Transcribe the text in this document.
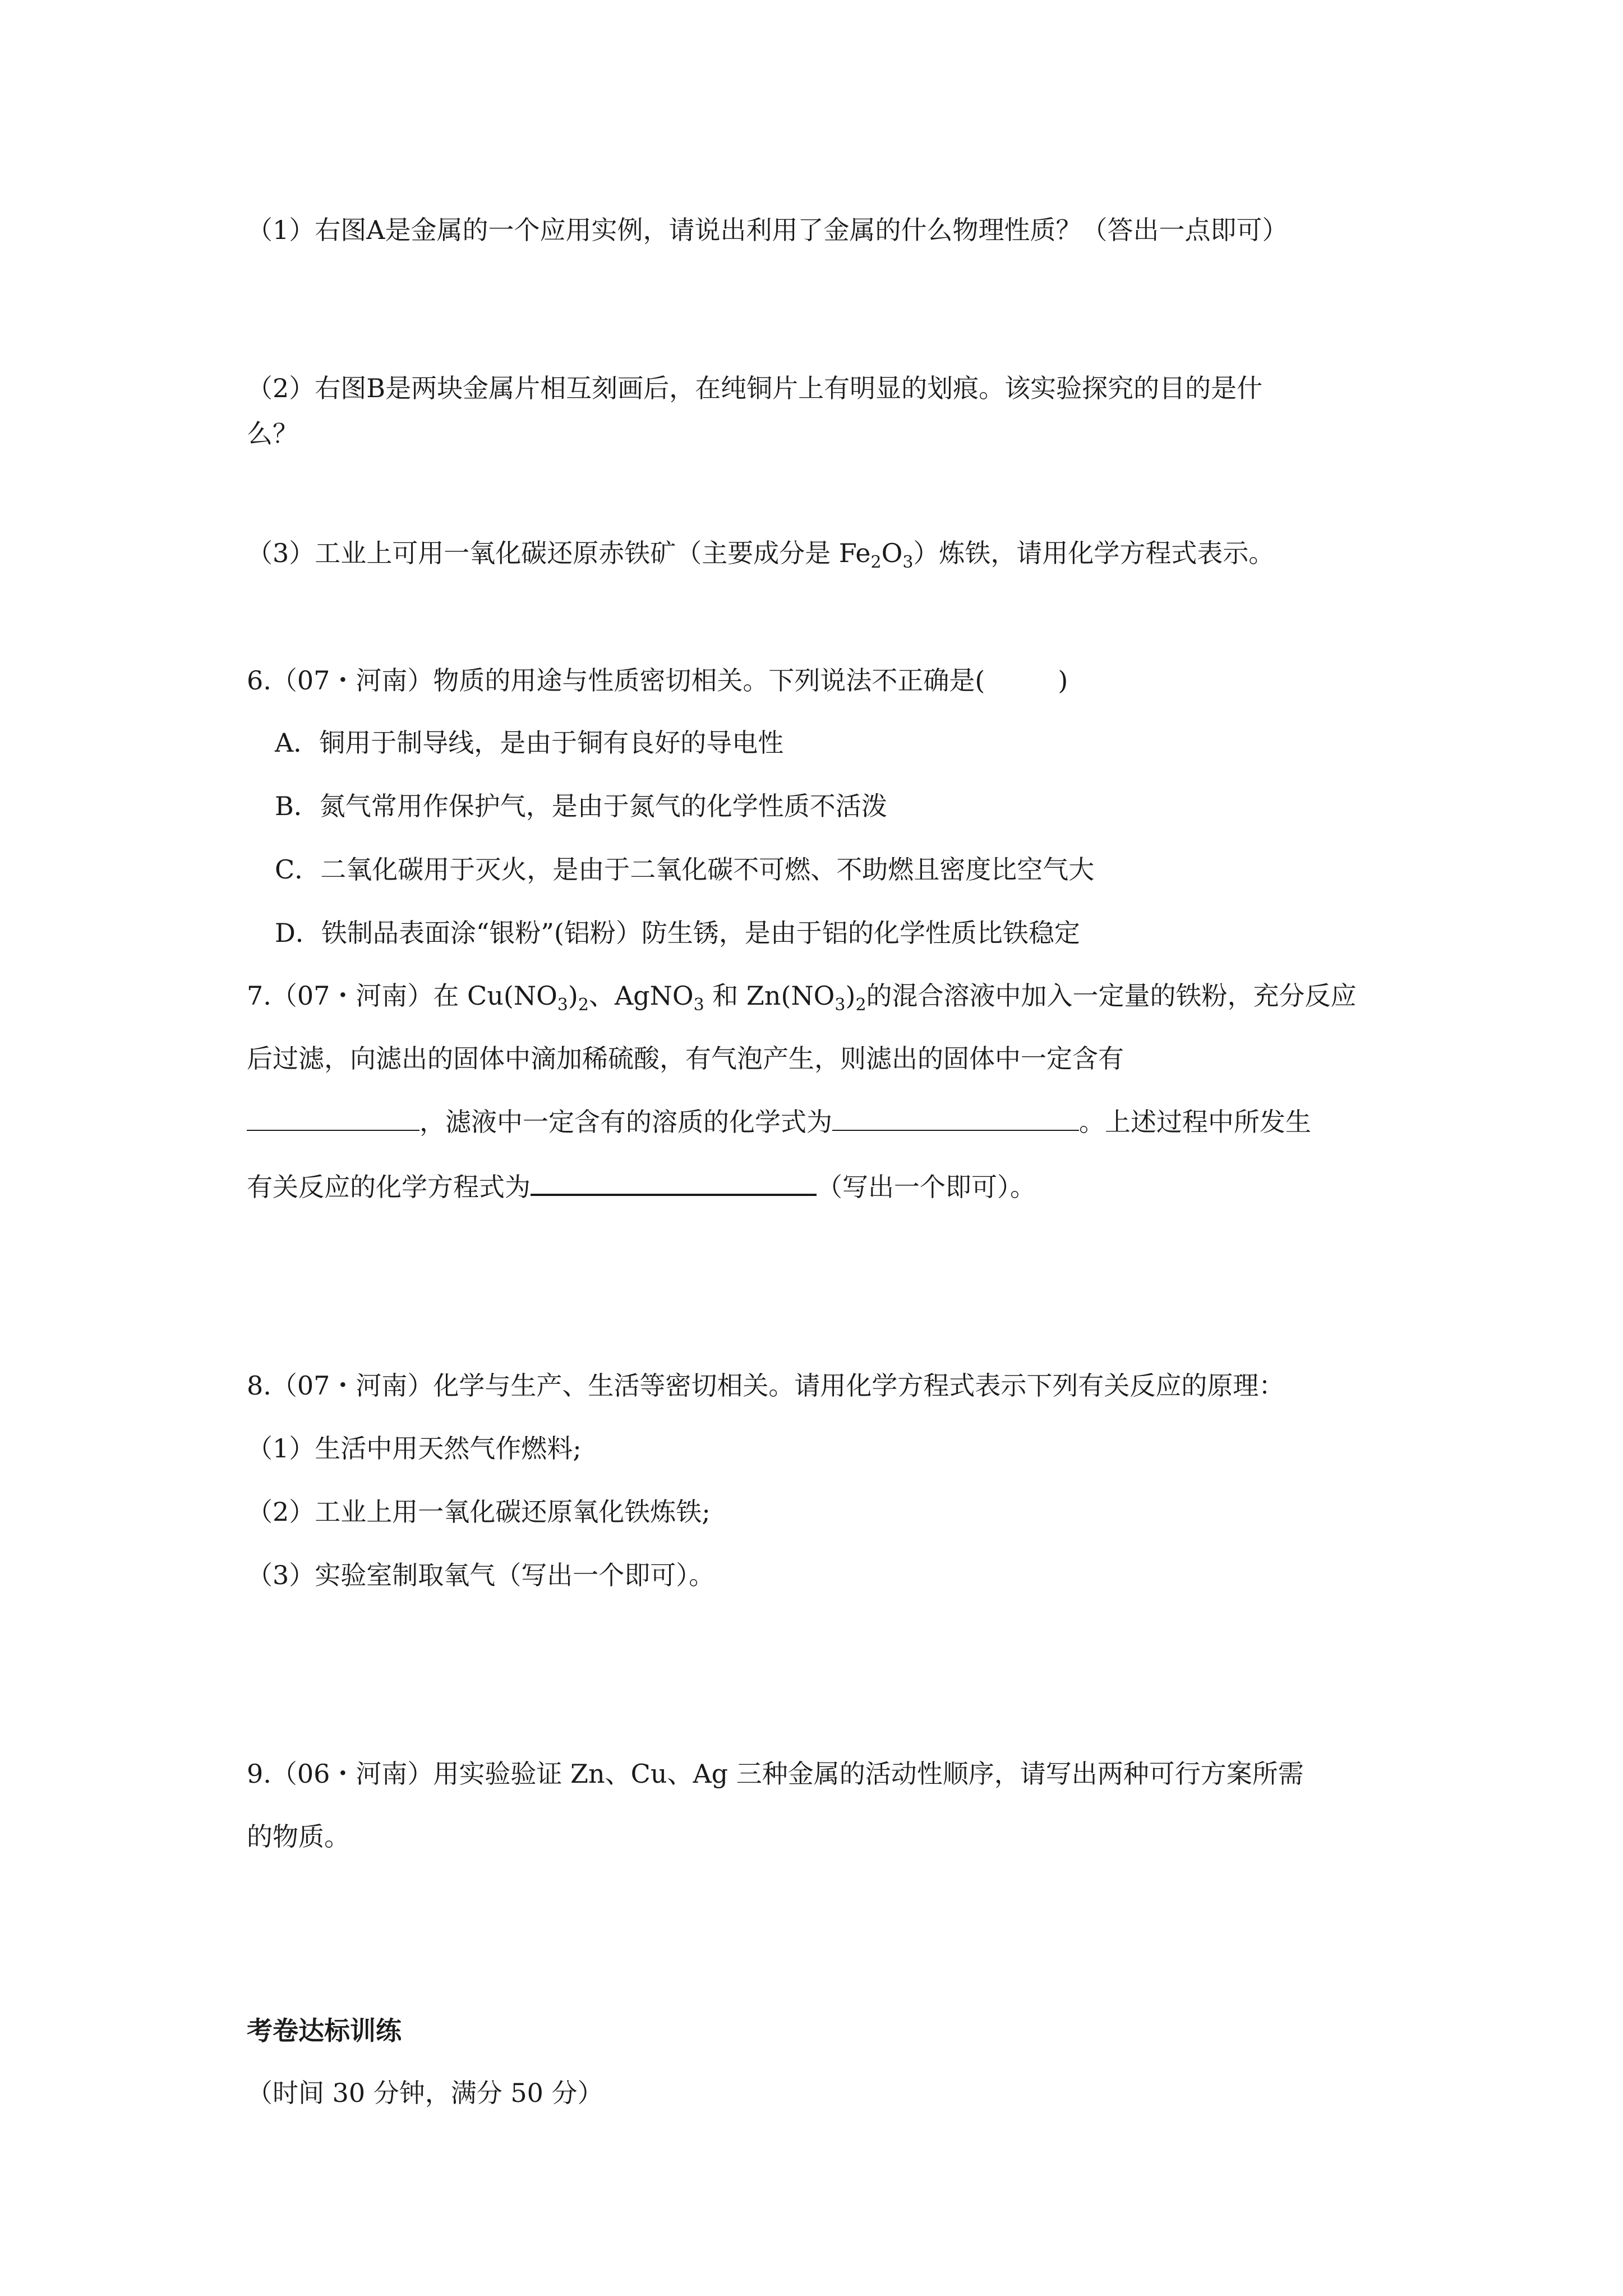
（1）右图A是金属的一个应用实例，请说出利用了金属的什么物理性质？（答出一点即可）
（2）右图B是两块金属片相互刻画后，在纯铜片上有明显的划痕。该实验探究的目的是什
么？
（3）工业上可用一氧化碳还原赤铁矿（主要成分是 $Fe_2O_3$）炼铁，请用化学方程式表示。
6.（07・河南）物质的用途与性质密切相关。下列说法不正确是(	)
A．铜用于制导线，是由于铜有良好的导电性
B．氮气常用作保护气，是由于氮气的化学性质不活泼
C．二氧化碳用于灭火，是由于二氧化碳不可燃、不助燃且密度比空气大
D．铁制品表面涂“银粉”(铝粉）防生锈，是由于铝的化学性质比铁稳定
7.（07・河南）在 $Cu(NO_3)_2$、AgNO$_3$ 和 $Zn(NO_3)_2$的混合溶液中加入一定量的铁粉，充分反应
后过滤，向滤出的固体中滴加稀硫酸，有气泡产生，则滤出的固体中一定含有
，滤液中一定含有的溶质的化学式为	。上述过程中所发生
有关反应的化学方程式为	（写出一个即可）。
8.（07・河南）化学与生产、生活等密切相关。请用化学方程式表示下列有关反应的原理：
（1）生活中用天然气作燃料;
（2）工业上用一氧化碳还原氧化铁炼铁;
（3）实验室制取氧气（写出一个即可）。
9.（06・河南）用实验验证 Zn、Cu、Ag 三种金属的活动性顺序，请写出两种可行方案所需
的物质。
考卷达标训练
（时间 30 分钟，满分 50 分）
